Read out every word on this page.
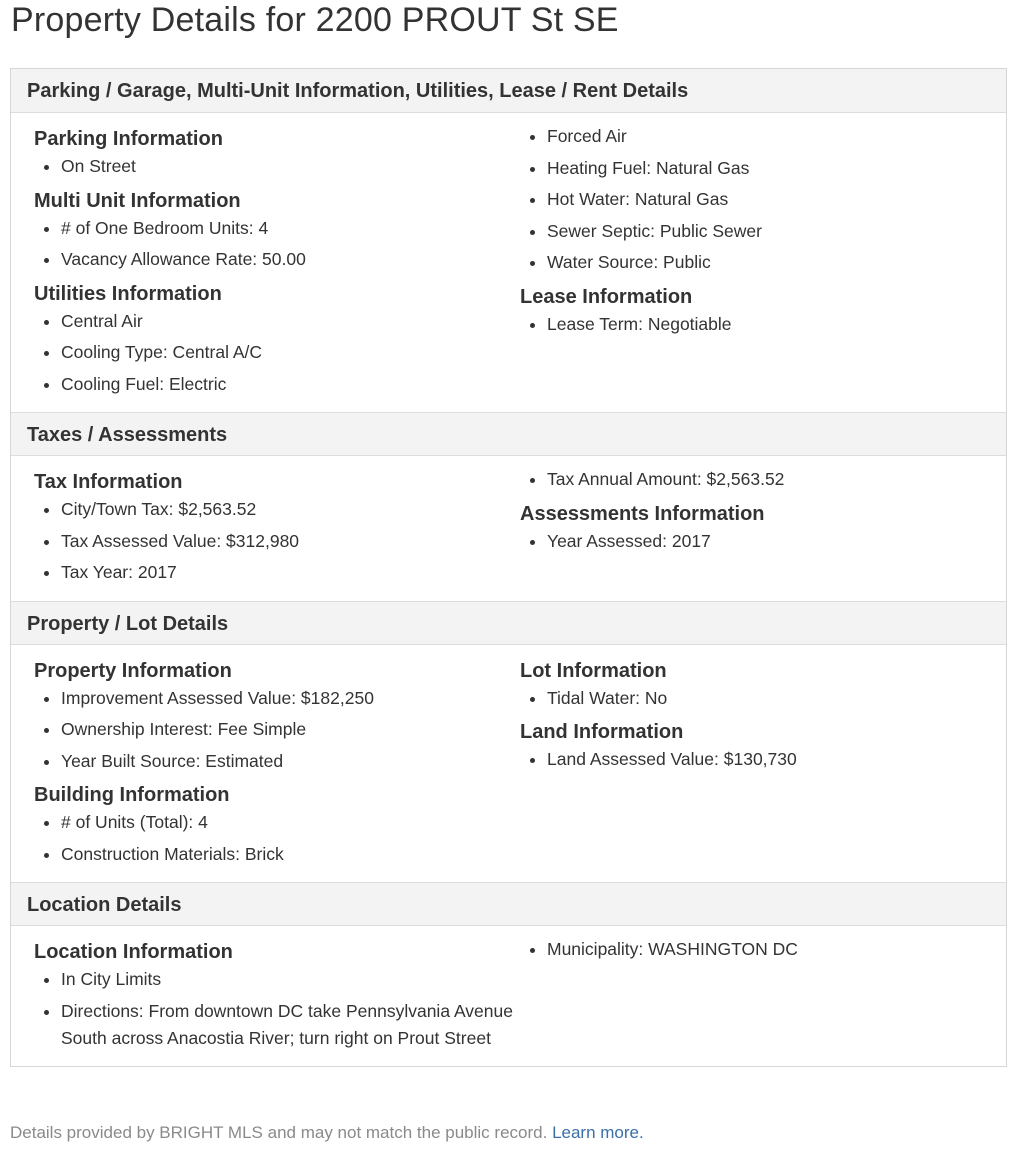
Property Details for 2200 PROUT St SE
Parking / Garage, Multi-Unit Information, Utilities, Lease / Rent Details
Parking Information
On Street
Multi Unit Information
# of One Bedroom Units: 4
Vacancy Allowance Rate: 50.00
Utilities Information
Central Air
Cooling Type: Central A/C
Cooling Fuel: Electric
Forced Air
Heating Fuel: Natural Gas
Hot Water: Natural Gas
Sewer Septic: Public Sewer
Water Source: Public
Lease Information
Lease Term: Negotiable
Taxes / Assessments
Tax Information
City/Town Tax: $2,563.52
Tax Assessed Value: $312,980
Tax Year: 2017
Tax Annual Amount: $2,563.52
Assessments Information
Year Assessed: 2017
Property / Lot Details
Property Information
Improvement Assessed Value: $182,250
Ownership Interest: Fee Simple
Year Built Source: Estimated
Building Information
# of Units (Total): 4
Construction Materials: Brick
Lot Information
Tidal Water: No
Land Information
Land Assessed Value: $130,730
Location Details
Location Information
In City Limits
Directions: From downtown DC take Pennsylvania Avenue South across Anacostia River; turn right on Prout Street
Municipality: WASHINGTON DC
Details provided by BRIGHT MLS and may not match the public record. Learn more.
